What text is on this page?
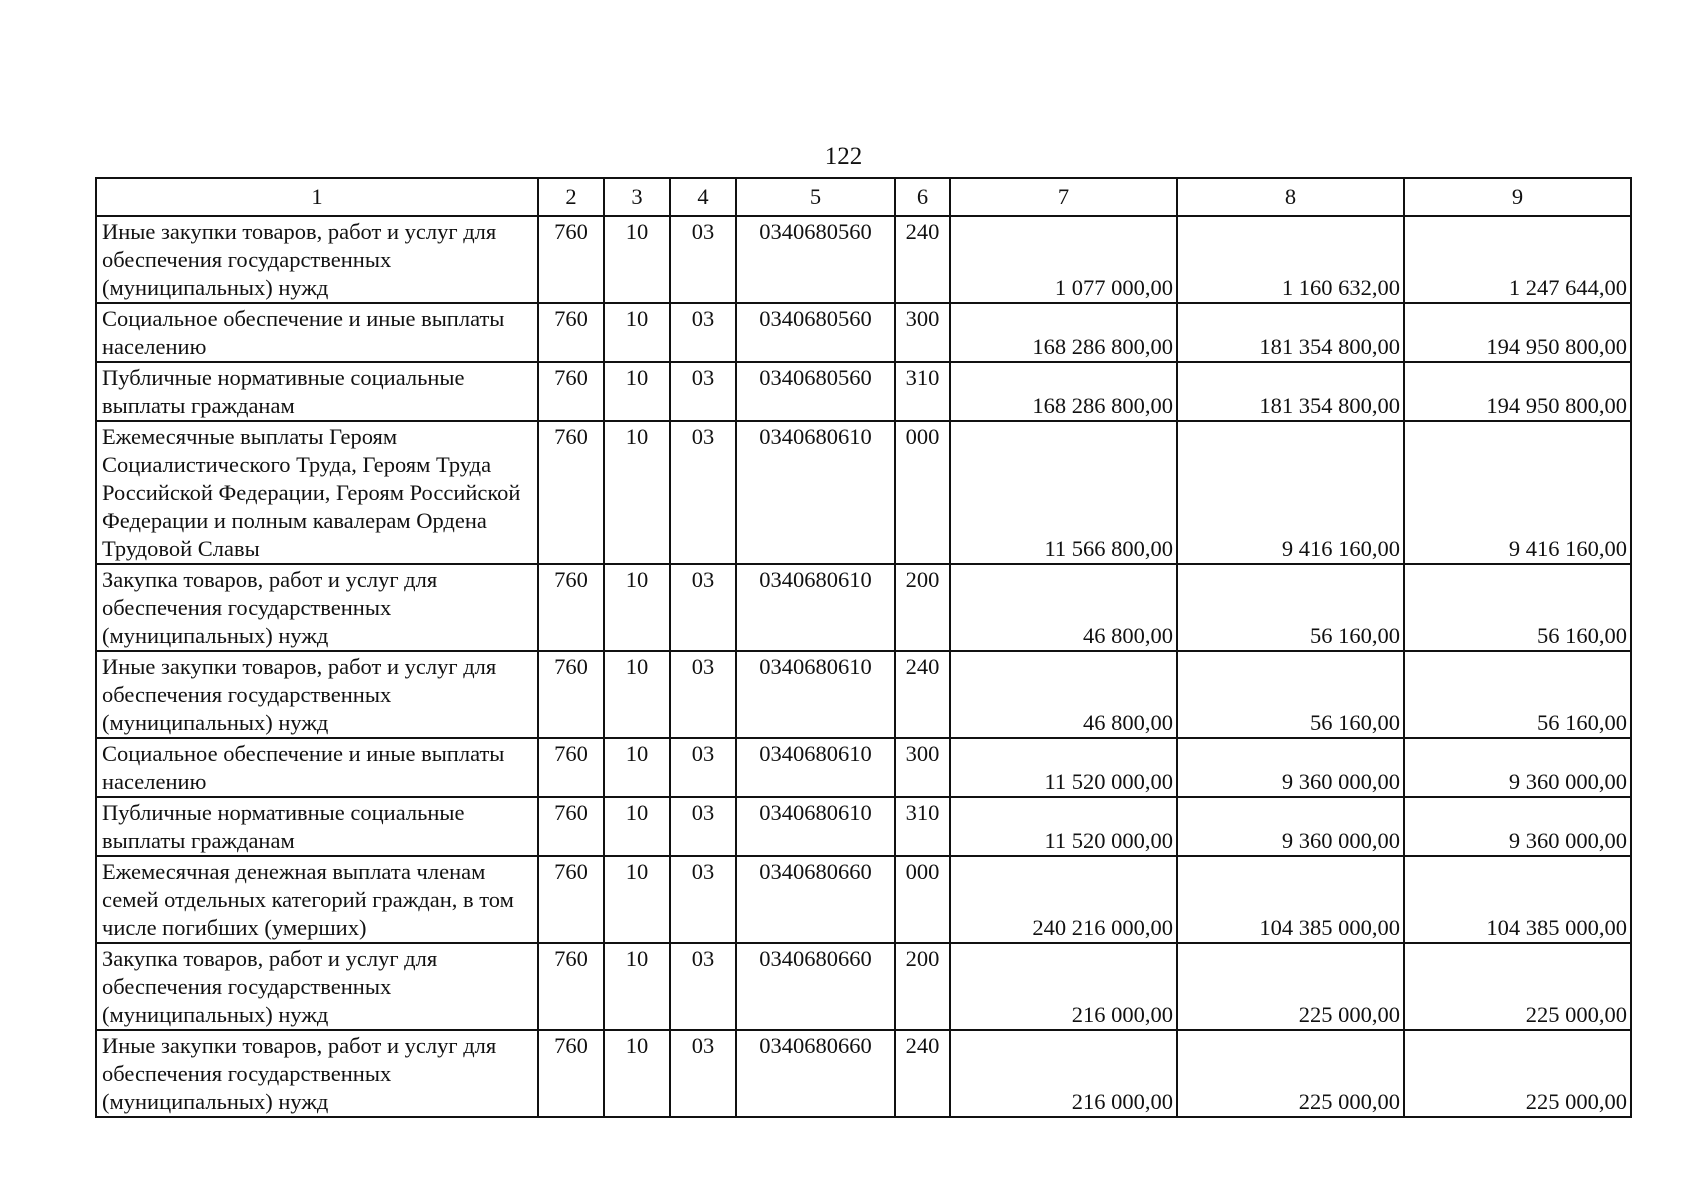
122
1	2	3	4	5	6	7	8	9
Иные закупки товаров, работ и услуг для обеспечения государственных (муниципальных) нужд	760	10	03	0340680560	240	1 077 000,00	1 160 632,00	1 247 644,00
Социальное обеспечение и иные выплаты населению	760	10	03	0340680560	300	168 286 800,00	181 354 800,00	194 950 800,00
Публичные нормативные социальные выплаты гражданам	760	10	03	0340680560	310	168 286 800,00	181 354 800,00	194 950 800,00
Ежемесячные выплаты Героям Социалистического Труда, Героям Труда Российской Федерации, Героям Российской Федерации и полным кавалерам Ордена Трудовой Славы	760	10	03	0340680610	000	11 566 800,00	9 416 160,00	9 416 160,00
Закупка товаров, работ и услуг для обеспечения государственных (муниципальных) нужд	760	10	03	0340680610	200	46 800,00	56 160,00	56 160,00
Иные закупки товаров, работ и услуг для обеспечения государственных (муниципальных) нужд	760	10	03	0340680610	240	46 800,00	56 160,00	56 160,00
Социальное обеспечение и иные выплаты населению	760	10	03	0340680610	300	11 520 000,00	9 360 000,00	9 360 000,00
Публичные нормативные социальные выплаты гражданам	760	10	03	0340680610	310	11 520 000,00	9 360 000,00	9 360 000,00
Ежемесячная денежная выплата членам семей отдельных категорий граждан, в том числе погибших (умерших)	760	10	03	0340680660	000	240 216 000,00	104 385 000,00	104 385 000,00
Закупка товаров, работ и услуг для обеспечения государственных (муниципальных) нужд	760	10	03	0340680660	200	216 000,00	225 000,00	225 000,00
Иные закупки товаров, работ и услуг для обеспечения государственных (муниципальных) нужд	760	10	03	0340680660	240	216 000,00	225 000,00	225 000,00
